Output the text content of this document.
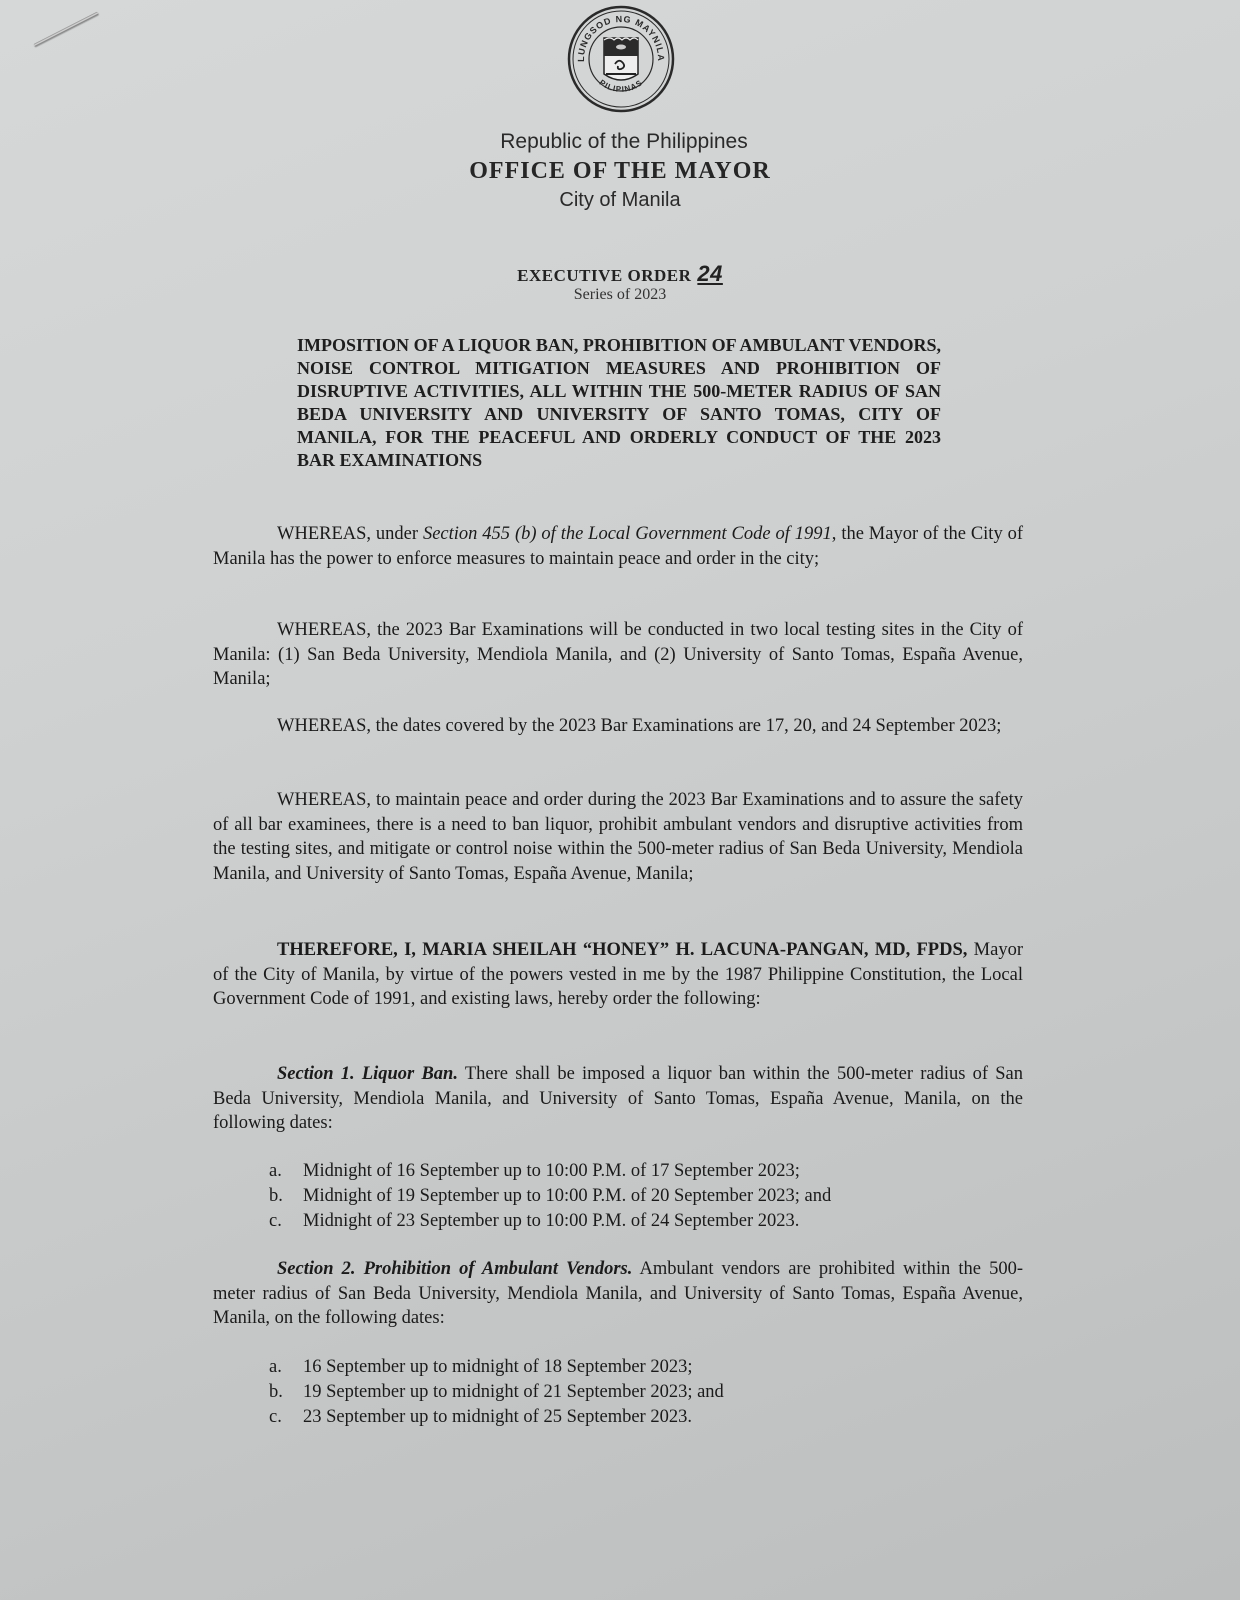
LUNGSOD NG MAYNILA
PILIPINAS
Republic of the Philippines
OFFICE OF THE MAYOR
City of Manila
EXECUTIVE ORDER 24
Series of 2023
IMPOSITION OF A LIQUOR BAN, PROHIBITION OF AMBULANT VENDORS, NOISE CONTROL MITIGATION MEASURES AND PROHIBITION OF DISRUPTIVE ACTIVITIES, ALL WITHIN THE 500-METER RADIUS OF SAN BEDA UNIVERSITY AND UNIVERSITY OF SANTO TOMAS, CITY OF MANILA, FOR THE PEACEFUL AND ORDERLY CONDUCT OF THE 2023 BAR EXAMINATIONS

WHEREAS, under Section 455 (b) of the Local Government Code of 1991, the Mayor of the City of Manila has the power to enforce measures to maintain peace and order in the city;

WHEREAS, the 2023 Bar Examinations will be conducted in two local testing sites in the City of Manila: (1) San Beda University, Mendiola Manila, and (2) University of Santo Tomas, España Avenue, Manila;

WHEREAS, the dates covered by the 2023 Bar Examinations are 17, 20, and 24 September 2023;

WHEREAS, to maintain peace and order during the 2023 Bar Examinations and to assure the safety of all bar examinees, there is a need to ban liquor, prohibit ambulant vendors and disruptive activities from the testing sites, and mitigate or control noise within the 500-meter radius of San Beda University, Mendiola Manila, and University of Santo Tomas, España Avenue, Manila;

THEREFORE, I, MARIA SHEILAH “HONEY” H. LACUNA-PANGAN, MD, FPDS, Mayor of the City of Manila, by virtue of the powers vested in me by the 1987 Philippine Constitution, the Local Government Code of 1991, and existing laws, hereby order the following:

Section 1. Liquor Ban. There shall be imposed a liquor ban within the 500-meter radius of San Beda University, Mendiola Manila, and University of Santo Tomas, España Avenue, Manila, on the following dates:

a.	Midnight of 16 September up to 10:00 P.M. of 17 September 2023;
b.	Midnight of 19 September up to 10:00 P.M. of 20 September 2023; and
c.	Midnight of 23 September up to 10:00 P.M. of 24 September 2023.

Section 2. Prohibition of Ambulant Vendors. Ambulant vendors are prohibited within the 500-meter radius of San Beda University, Mendiola Manila, and University of Santo Tomas, España Avenue, Manila, on the following dates:

a.	16 September up to midnight of 18 September 2023;
b.	19 September up to midnight of 21 September 2023; and
c.	23 September up to midnight of 25 September 2023.
